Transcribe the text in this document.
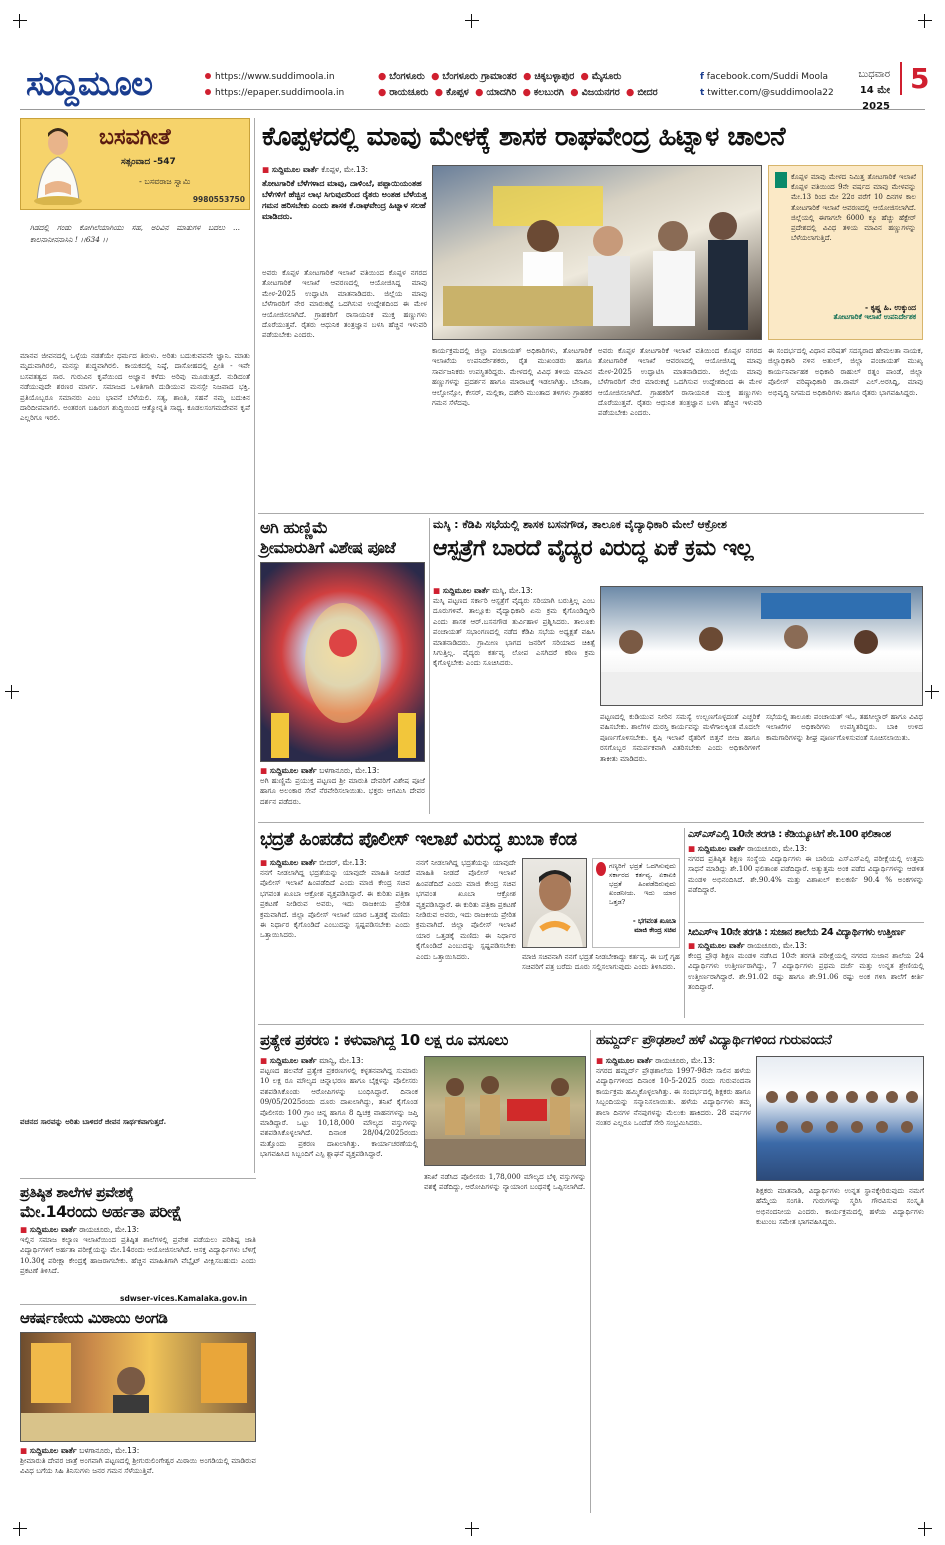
ಸುದ್ದಿಮೂಲ	https://www.suddimoola.in
https://epaper.suddimoola.in
● ಬೆಂಗಳೂರು ● ಬೆಂಗಳೂರು ಗ್ರಾಮಾಂತರ ● ಚಿಕ್ಕಬಳ್ಳಾಪುರ ● ಮೈಸೂರು
● ರಾಯಚೂರು ● ಕೊಪ್ಪಳ ● ಯಾದಗಿರಿ ● ಕಲಬುರಗಿ ● ವಿಜಯನಗರ ● ಬೀದರ
f facebook.com/Suddi Moola
t twitter.com/@suddimoola22
ಬುಧವಾರ
14 ಮೇ 2025
5
ಬಸವಗೀತೆ
ಸತ್ಸಂವಾದ -547
- ಬಸವರಾಜ ಸ್ವಾಮಿ
9980553750
ಗಿಡದಲ್ಲಿ ಗಂಡು ಕೋಗಿಲೆಯಾಗಿಯು ಸಹ, ಅರಿವಿನ ಮಾತುಗಳ ಬದಲು ... ಕಾಲನಾನೀನನಾಸಿನಿ ! ।।634 ।।
ಮಾನವ ಜೀವನದಲ್ಲಿ ಒಳ್ಳೆಯ ನಡತೆಯೇ ಧರ್ಮದ ತಿರುಳು. ಅರಿತು ಬದುಕುವವನೇ ಜ್ಞಾನಿ. ಮಾತು ಮೃದುವಾಗಿರಲಿ, ಮನಸ್ಸು ಶುದ್ಧವಾಗಿರಲಿ. ಕಾಯಕದಲ್ಲಿ ನಿಷ್ಠೆ, ದಾಸೋಹದಲ್ಲಿ ಪ್ರೀತಿ - ಇವೇ ಬಸವತತ್ವದ ಸಾರ. ಗುರುವಿನ ಕೃಪೆಯಿಂದ ಅಜ್ಞಾನ ಕಳೆದು ಅರಿವು ಮೂಡುತ್ತದೆ. ನುಡಿದಂತೆ ನಡೆಯುವುದೇ ಶರಣರ ಮಾರ್ಗ. ಸಮಾಜದ ಒಳಿತಿಗಾಗಿ ದುಡಿಯುವ ಮನಸ್ಸೇ ನಿಜವಾದ ಭಕ್ತಿ. ಪ್ರತಿಯೊಬ್ಬರೂ ಸಮಾನರು ಎಂಬ ಭಾವನೆ ಬೆಳೆಯಲಿ. ಸತ್ಯ, ಶಾಂತಿ, ಸಹನೆ ನಮ್ಮ ಬದುಕಿನ ದಾರಿದೀಪವಾಗಲಿ. ಅಂತರಂಗ ಬಹಿರಂಗ ಶುದ್ಧಿಯಿಂದ ಆತ್ಮೋನ್ನತಿ ಸಾಧ್ಯ. ಕೂಡಲಸಂಗಮದೇವನ ಕೃಪೆ ಎಲ್ಲರಿಗೂ ಇರಲಿ.
ವಚನದ ಸಾರವನ್ನು ಅರಿತು ಬಾಳಿದರೆ ಜೀವನ ಸಾರ್ಥಕವಾಗುತ್ತದೆ.
ಕೊಪ್ಪಳದಲ್ಲಿ ಮಾವು ಮೇಳಕ್ಕೆ ಶಾಸಕ ರಾಘವೇಂದ್ರ ಹಿಟ್ನಾಳ ಚಾಲನೆ
■ ಸುದ್ದಿಮೂಲ ವಾರ್ತೆ ಕೊಪ್ಪಳ, ಮೇ.13:
ತೋಟಗಾರಿಕೆ ಬೆಳೆಗಳಾದ ಮಾವು, ದಾಳಿಂಬೆ, ಪಪ್ಪಾಯಿಯಂತಹ ಬೆಳೆಗಳಿಗೆ ಹೆಚ್ಚಿನ ಲಾಭ ಸಿಗುವುದರಿಂದ ರೈತರು ಅಂತಹ ಬೆಳೆಯತ್ತ ಗಮನ ಹರಿಸಬೇಕು ಎಂದು ಶಾಸಕ ಕೆ.ರಾಘವೇಂದ್ರ ಹಿಟ್ನಾಳ ಸಲಹೆ ಮಾಡಿದರು.
ಅವರು ಕೊಪ್ಪಳ ತೋಟಗಾರಿಕೆ ಇಲಾಖೆ ವತಿಯಿಂದ ಕೊಪ್ಪಳ ನಗರದ ತೋಟಗಾರಿಕೆ ಇಲಾಖೆ ಆವರಣದಲ್ಲಿ ಆಯೋಜಿಸಿದ್ದ ಮಾವು ಮೇಳ-2025 ಉದ್ಘಾಟಿಸಿ ಮಾತನಾಡಿದರು. ಜಿಲ್ಲೆಯ ಮಾವು ಬೆಳೆಗಾರರಿಗೆ ನೇರ ಮಾರುಕಟ್ಟೆ ಒದಗಿಸುವ ಉದ್ದೇಶದಿಂದ ಈ ಮೇಳ ಆಯೋಜಿಸಲಾಗಿದೆ. ಗ್ರಾಹಕರಿಗೆ ರಾಸಾಯನಿಕ ಮುಕ್ತ ಹಣ್ಣುಗಳು ದೊರೆಯುತ್ತವೆ. ರೈತರು ಆಧುನಿಕ ತಂತ್ರಜ್ಞಾನ ಬಳಸಿ ಹೆಚ್ಚಿನ ಇಳುವರಿ ಪಡೆಯಬೇಕು ಎಂದರು.
ಕೊಪ್ಪಳ ಮಾವು ಮೇಳದ ನಿಮಿತ್ತ ತೋಟಗಾರಿಕೆ ಇಲಾಖೆ ಕೊಪ್ಪಳ ವತಿಯಿಂದ 9ನೇ ವರ್ಷದ ಮಾವು ಮೇಳವನ್ನು ಮೇ.13 ರಿಂದ ಮೇ 22ರ ವರೆಗೆ 10 ದಿನಗಳ ಕಾಲ ತೋಟಗಾರಿಕೆ ಇಲಾಖೆ ಆವರಣದಲ್ಲಿ ಆಯೋಜಿಸಲಾಗಿದೆ. ಜಿಲ್ಲೆಯಲ್ಲಿ ಈಗಾಗಲೇ 6000 ಕ್ಕೂ ಹೆಚ್ಚು ಹೆಕ್ಟೇರ್ ಪ್ರದೇಶದಲ್ಲಿ ವಿವಿಧ ತಳಿಯ ಮಾವಿನ ಹಣ್ಣುಗಳನ್ನು ಬೆಳೆಯಲಾಗುತ್ತಿದೆ.
- ಕೃಷ್ಣ ಹಿ. ಉಕ್ಕುಂದ
ತೋಟಗಾರಿಕೆ ಇಲಾಖೆ ಉಪನಿರ್ದೇಶಕ
ಕಾರ್ಯಕ್ರಮದಲ್ಲಿ ಜಿಲ್ಲಾ ಪಂಚಾಯತ್ ಅಧಿಕಾರಿಗಳು, ತೋಟಗಾರಿಕೆ ಇಲಾಖೆಯ ಉಪನಿರ್ದೇಶಕರು, ರೈತ ಮುಖಂಡರು ಹಾಗೂ ಸಾರ್ವಜನಿಕರು ಉಪಸ್ಥಿತರಿದ್ದರು. ಮೇಳದಲ್ಲಿ ವಿವಿಧ ತಳಿಯ ಮಾವಿನ ಹಣ್ಣುಗಳನ್ನು ಪ್ರದರ್ಶನ ಹಾಗೂ ಮಾರಾಟಕ್ಕೆ ಇಡಲಾಗಿತ್ತು. ಬೇನಿಶಾ, ಆಲ್ಫೋನ್ಸೋ, ಕೇಸರ್, ಮಲ್ಲಿಕಾ, ದಶೇರಿ ಮುಂತಾದ ತಳಿಗಳು ಗ್ರಾಹಕರ ಗಮನ ಸೆಳೆದವು.
ಅವರು ಕೊಪ್ಪಳ ತೋಟಗಾರಿಕೆ ಇಲಾಖೆ ವತಿಯಿಂದ ಕೊಪ್ಪಳ ನಗರದ ತೋಟಗಾರಿಕೆ ಇಲಾಖೆ ಆವರಣದಲ್ಲಿ ಆಯೋಜಿಸಿದ್ದ ಮಾವು ಮೇಳ-2025 ಉದ್ಘಾಟಿಸಿ ಮಾತನಾಡಿದರು. ಜಿಲ್ಲೆಯ ಮಾವು ಬೆಳೆಗಾರರಿಗೆ ನೇರ ಮಾರುಕಟ್ಟೆ ಒದಗಿಸುವ ಉದ್ದೇಶದಿಂದ ಈ ಮೇಳ ಆಯೋಜಿಸಲಾಗಿದೆ. ಗ್ರಾಹಕರಿಗೆ ರಾಸಾಯನಿಕ ಮುಕ್ತ ಹಣ್ಣುಗಳು ದೊರೆಯುತ್ತವೆ. ರೈತರು ಆಧುನಿಕ ತಂತ್ರಜ್ಞಾನ ಬಳಸಿ ಹೆಚ್ಚಿನ ಇಳುವರಿ ಪಡೆಯಬೇಕು ಎಂದರು.
ಈ ಸಂದರ್ಭದಲ್ಲಿ ವಿಧಾನ ಪರಿಷತ್ ಸದಸ್ಯರಾದ ಹೇಮಲತಾ ನಾಯಕ, ಜಿಲ್ಲಾಧಿಕಾರಿ ನಳಿನ ಅತುಲ್, ಜಿಲ್ಲಾ ಪಂಚಾಯತ್ ಮುಖ್ಯ ಕಾರ್ಯನಿರ್ವಾಹಕ ಅಧಿಕಾರಿ ರಾಹುಲ್ ರತ್ನಂ ಪಾಂಡೆ, ಜಿಲ್ಲಾ ಪೊಲೀಸ್ ವರಿಷ್ಠಾಧಿಕಾರಿ ಡಾ.ರಾಮ್ ಎಲ್.ಅರಸಿದ್ದಿ, ಮಾವು ಅಭಿವೃದ್ಧಿ ನಿಗಮದ ಅಧಿಕಾರಿಗಳು ಹಾಗೂ ರೈತರು ಭಾಗವಹಿಸಿದ್ದರು.
ಅಗಿ ಹುಣ್ಣಿಮೆ
ಶ್ರೀಮಾರುತಿಗೆ ವಿಶೇಷ ಪೂಜೆ
■ ಸುದ್ದಿಮೂಲ ವಾರ್ತೆ ಬಳಗಾನೂರು, ಮೇ.13:
ಅಗಿ ಹುಣ್ಣಿಮೆ ಪ್ರಯುಕ್ತ ಪಟ್ಟಣದ ಶ್ರೀ ಮಾರುತಿ ದೇವರಿಗೆ ವಿಶೇಷ ಪೂಜೆ ಹಾಗೂ ಅಲಂಕಾರ ಸೇವೆ ನೆರವೇರಿಸಲಾಯಿತು. ಭಕ್ತರು ಆಗಮಿಸಿ ದೇವರ ದರ್ಶನ ಪಡೆದರು.
ಮಸ್ಕಿ : ಕೆಡಿಪಿ ಸಭೆಯಲ್ಲಿ ಶಾಸಕ ಬಸನಗೌಡ, ತಾಲೂಕ ವೈದ್ಯಾಧಿಕಾರಿ ಮೇಲೆ ಆಕ್ರೋಶ
ಆಸ್ಪತ್ರೆಗೆ ಬಾರದೆ ವೈದ್ಯರ ವಿರುದ್ಧ ಏಕೆ ಕ್ರಮ ಇಲ್ಲ
■ ಸುದ್ದಿಮೂಲ ವಾರ್ತೆ ಮಸ್ಕಿ, ಮೇ.13:
ಮಸ್ಕಿ ಪಟ್ಟಣದ ಸರ್ಕಾರಿ ಆಸ್ಪತ್ರೆಗೆ ವೈದ್ಯರು ಸರಿಯಾಗಿ ಬರುತ್ತಿಲ್ಲ ಎಂಬ ದೂರುಗಳಿವೆ. ತಾಲ್ಲೂಕು ವೈದ್ಯಾಧಿಕಾರಿ ಏನು ಕ್ರಮ ಕೈಗೊಂಡಿದ್ದೀರಿ ಎಂದು ಶಾಸಕ ಆರ್.ಬಸನಗೌಡ ತುರ್ವಿಹಾಳ ಪ್ರಶ್ನಿಸಿದರು. ತಾಲೂಕು ಪಂಚಾಯತ್ ಸಭಾಂಗಣದಲ್ಲಿ ನಡೆದ ಕೆಡಿಪಿ ಸಭೆಯ ಅಧ್ಯಕ್ಷತೆ ವಹಿಸಿ ಮಾತನಾಡಿದರು. ಗ್ರಾಮೀಣ ಭಾಗದ ಜನರಿಗೆ ಸರಿಯಾದ ಚಿಕಿತ್ಸೆ ಸಿಗುತ್ತಿಲ್ಲ. ವೈದ್ಯರು ಕರ್ತವ್ಯ ಲೋಪ ಎಸಗಿದರೆ ಕಠಿಣ ಕ್ರಮ ಕೈಗೊಳ್ಳಬೇಕು ಎಂದು ಸೂಚಿಸಿದರು.
ಪಟ್ಟಣದಲ್ಲಿ ಕುಡಿಯುವ ನೀರಿನ ಸಮಸ್ಯೆ ಉಲ್ಬಣಗೊಳ್ಳದಂತೆ ಎಚ್ಚರಿಕೆ ವಹಿಸಬೇಕು. ಶಾಲೆಗಳ ದುರಸ್ತಿ ಕಾರ್ಯವನ್ನು ಮಳೆಗಾಲಕ್ಕಿಂತ ಮೊದಲೇ ಪೂರ್ಣಗೊಳಿಸಬೇಕು. ಕೃಷಿ ಇಲಾಖೆ ರೈತರಿಗೆ ಬಿತ್ತನೆ ಬೀಜ ಹಾಗೂ ರಸಗೊಬ್ಬರ ಸಮರ್ಪಕವಾಗಿ ವಿತರಿಸಬೇಕು ಎಂದು ಅಧಿಕಾರಿಗಳಿಗೆ ತಾಕೀತು ಮಾಡಿದರು.
ಸಭೆಯಲ್ಲಿ ತಾಲೂಕು ಪಂಚಾಯತ್ ಇಓ, ತಹಸೀಲ್ದಾರ್ ಹಾಗೂ ವಿವಿಧ ಇಲಾಖೆಗಳ ಅಧಿಕಾರಿಗಳು ಉಪಸ್ಥಿತರಿದ್ದರು. ಬಾಕಿ ಉಳಿದ ಕಾಮಗಾರಿಗಳನ್ನು ಶೀಘ್ರ ಪೂರ್ಣಗೊಳಿಸುವಂತೆ ಸೂಚಿಸಲಾಯಿತು.
ಭದ್ರತೆ ಹಿಂಪಡೆದ ಪೊಲೀಸ್ ಇಲಾಖೆ ವಿರುದ್ಧ ಖುಬಾ ಕೆಂಡ
■ ಸುದ್ದಿಮೂಲ ವಾರ್ತೆ ಬೀದರ್, ಮೇ.13:
ನನಗೆ ನೀಡಲಾಗಿದ್ದ ಭದ್ರತೆಯನ್ನು ಯಾವುದೇ ಮಾಹಿತಿ ನೀಡದೆ ಪೊಲೀಸ್ ಇಲಾಖೆ ಹಿಂಪಡೆದಿದೆ ಎಂದು ಮಾಜಿ ಕೇಂದ್ರ ಸಚಿವ ಭಗವಂತ ಖೂಬಾ ಆಕ್ರೋಶ ವ್ಯಕ್ತಪಡಿಸಿದ್ದಾರೆ. ಈ ಕುರಿತು ಪತ್ರಿಕಾ ಪ್ರಕಟಣೆ ನೀಡಿರುವ ಅವರು, ಇದು ರಾಜಕೀಯ ಪ್ರೇರಿತ ಕ್ರಮವಾಗಿದೆ. ಜಿಲ್ಲಾ ಪೊಲೀಸ್ ಇಲಾಖೆ ಯಾರ ಒತ್ತಡಕ್ಕೆ ಮಣಿದು ಈ ನಿರ್ಧಾರ ಕೈಗೊಂಡಿದೆ ಎಂಬುದನ್ನು ಸ್ಪಷ್ಟಪಡಿಸಬೇಕು ಎಂದು ಒತ್ತಾಯಿಸಿದರು.
ನನಗೆ ನೀಡಲಾಗಿದ್ದ ಭದ್ರತೆಯನ್ನು ಯಾವುದೇ ಮಾಹಿತಿ ನೀಡದೆ ಪೊಲೀಸ್ ಇಲಾಖೆ ಹಿಂಪಡೆದಿದೆ ಎಂದು ಮಾಜಿ ಕೇಂದ್ರ ಸಚಿವ ಭಗವಂತ ಖೂಬಾ ಆಕ್ರೋಶ ವ್ಯಕ್ತಪಡಿಸಿದ್ದಾರೆ. ಈ ಕುರಿತು ಪತ್ರಿಕಾ ಪ್ರಕಟಣೆ ನೀಡಿರುವ ಅವರು, ಇದು ರಾಜಕೀಯ ಪ್ರೇರಿತ ಕ್ರಮವಾಗಿದೆ. ಜಿಲ್ಲಾ ಪೊಲೀಸ್ ಇಲಾಖೆ ಯಾರ ಒತ್ತಡಕ್ಕೆ ಮಣಿದು ಈ ನಿರ್ಧಾರ ಕೈಗೊಂಡಿದೆ ಎಂಬುದನ್ನು ಸ್ಪಷ್ಟಪಡಿಸಬೇಕು ಎಂದು ಒತ್ತಾಯಿಸಿದರು.
ಗಣ್ಯರಿಗೆ ಭದ್ರತೆ ಒದಗಿಸುವುದು ಸರ್ಕಾರದ ಕರ್ತವ್ಯ. ಏಕಾಏಕಿ ಭದ್ರತೆ ಹಿಂಪಡೆದಿರುವುದು ಖಂಡನೀಯ. ಇದು ಯಾರ ಒತ್ತಡ?
- ಭಗವಂತ ಖೂಬಾ
ಮಾಜಿ ಕೇಂದ್ರ ಸಚಿವ
ಮಾಜಿ ಸಚಿವನಾಗಿ ನನಗೆ ಭದ್ರತೆ ನೀಡಬೇಕಾದ್ದು ಕರ್ತವ್ಯ. ಈ ಬಗ್ಗೆ ಗೃಹ ಸಚಿವರಿಗೆ ಪತ್ರ ಬರೆದು ದೂರು ಸಲ್ಲಿಸಲಾಗುವುದು ಎಂದು ತಿಳಿಸಿದರು.
ಎಸ್ಎಸ್ಎಲ್ಸಿ 10ನೇ ತರಗತಿ : ಕೆಡಿಯ್ಯೂಟಿಗೆ ಶೇ.100 ಫಲಿತಾಂಶ
■ ಸುದ್ದಿಮೂಲ ವಾರ್ತೆ ರಾಯಚೂರು, ಮೇ.13:
ನಗರದ ಪ್ರತಿಷ್ಠಿತ ಶಿಕ್ಷಣ ಸಂಸ್ಥೆಯ ವಿದ್ಯಾರ್ಥಿಗಳು ಈ ಬಾರಿಯ ಎಸ್ಎಸ್ಎಲ್ಸಿ ಪರೀಕ್ಷೆಯಲ್ಲಿ ಉತ್ತಮ ಸಾಧನೆ ಮಾಡಿದ್ದು ಶೇ.100 ಫಲಿತಾಂಶ ಪಡೆದಿದ್ದಾರೆ. ಅತ್ಯುತ್ತಮ ಅಂಕ ಪಡೆದ ವಿದ್ಯಾರ್ಥಿಗಳನ್ನು ಆಡಳಿತ ಮಂಡಳಿ ಅಭಿನಂದಿಸಿದೆ. ಶೇ.90.4% ಮತ್ತು ವಿಶಾಖಲ್ ಕುಲಕರ್ಣಿ 90.4 % ಅಂಕಗಳನ್ನು ಪಡೆದಿದ್ದಾರೆ.
ಸಿಬಿಎಸ್ಇ 10ನೇ ತರಗತಿ : ಸುಜಾನ ಶಾಲೆಯ 24 ವಿದ್ಯಾರ್ಥಿಗಳು ಉತ್ತೀರ್ಣ
■ ಸುದ್ದಿಮೂಲ ವಾರ್ತೆ ರಾಯಚೂರು, ಮೇ.13:
ಕೇಂದ್ರ ಪ್ರೌಢ ಶಿಕ್ಷಣ ಮಂಡಳಿ ನಡೆಸಿದ 10ನೇ ತರಗತಿ ಪರೀಕ್ಷೆಯಲ್ಲಿ ನಗರದ ಸುಜಾನ ಶಾಲೆಯ 24 ವಿದ್ಯಾರ್ಥಿಗಳು ಉತ್ತೀರ್ಣರಾಗಿದ್ದು, 7 ವಿದ್ಯಾರ್ಥಿಗಳು ಪ್ರಥಮ ದರ್ಜೆ ಮತ್ತು ಉನ್ನತ ಶ್ರೇಣಿಯಲ್ಲಿ ಉತ್ತೀರ್ಣರಾಗಿದ್ದಾರೆ. ಶೇ.91.02 ರಷ್ಟು ಹಾಗೂ ಶೇ.91.06 ರಷ್ಟು ಅಂಕ ಗಳಿಸಿ ಶಾಲೆಗೆ ಕೀರ್ತಿ ತಂದಿದ್ದಾರೆ.
ಪ್ರತಿಷ್ಠಿತ ಶಾಲೆಗಳ ಪ್ರವೇಶಕ್ಕೆ
ಮೇ.14ರಂದು ಅರ್ಹತಾ ಪರೀಕ್ಷೆ
■ ಸುದ್ದಿಮೂಲ ವಾರ್ತೆ ರಾಯಚೂರು, ಮೇ.13:
ಇಲ್ಲಿನ ಸಮಾಜ ಕಲ್ಯಾಣ ಇಲಾಖೆಯಿಂದ ಪ್ರತಿಷ್ಠಿತ ಶಾಲೆಗಳಲ್ಲಿ ಪ್ರವೇಶ ಪಡೆಯಲು ಪರಿಶಿಷ್ಟ ಜಾತಿ ವಿದ್ಯಾರ್ಥಿಗಳಿಗೆ ಅರ್ಹತಾ ಪರೀಕ್ಷೆಯನ್ನು ಮೇ.14ರಂದು ಆಯೋಜಿಸಲಾಗಿದೆ. ಆಸಕ್ತ ವಿದ್ಯಾರ್ಥಿಗಳು ಬೆಳಿಗ್ಗೆ 10.30ಕ್ಕೆ ಪರೀಕ್ಷಾ ಕೇಂದ್ರಕ್ಕೆ ಹಾಜರಾಗಬೇಕು. ಹೆಚ್ಚಿನ ಮಾಹಿತಿಗಾಗಿ ವೆಬ್ಸೈಟ್ ವೀಕ್ಷಿಸಬಹುದು ಎಂದು ಪ್ರಕಟಣೆ ತಿಳಿಸಿದೆ.
sdwser-vices.Kamalaka.gov.in
ಆಕರ್ಷಣೀಯ ಮಿಠಾಯಿ ಅಂಗಡಿ
■ ಸುದ್ದಿಮೂಲ ವಾರ್ತೆ ಬಳಗಾನೂರು, ಮೇ.13:
ಶ್ರೀಮಾರುತಿ ದೇವರ ಜಾತ್ರೆ ಅಂಗವಾಗಿ ಪಟ್ಟಣದಲ್ಲಿ ಶ್ರೀಗುರುಲಿಂಗೇಶ್ವರ ಮಿಠಾಯಿ ಅಂಗಡಿಯಲ್ಲಿ ಮಾಡಿರುವ ವಿವಿಧ ಬಗೆಯ ಸಿಹಿ ತಿನಿಸುಗಳು ಜನರ ಗಮನ ಸೆಳೆಯುತ್ತಿವೆ.
ಪ್ರತ್ಯೇಕ ಪ್ರಕರಣ : ಕಳುವಾಗಿದ್ದ 10 ಲಕ್ಷ ರೂ ವಸೂಲು
■ ಸುದ್ದಿಮೂಲ ವಾರ್ತೆ ಮಾನ್ವಿ, ಮೇ.13:
ಪಟ್ಟಣದ ಹಲವೆಡೆ ಪ್ರತ್ಯೇಕ ಪ್ರಕರಣಗಳಲ್ಲಿ ಕಳ್ಳತನವಾಗಿದ್ದ ಸುಮಾರು 10 ಲಕ್ಷ ರೂ ಮೌಲ್ಯದ ಚಿನ್ನಾಭರಣ ಹಾಗೂ ಬೈಕ್ಗಳನ್ನು ಪೊಲೀಸರು ವಶಪಡಿಸಿಕೊಂಡು ಆರೋಪಿಗಳನ್ನು ಬಂಧಿಸಿದ್ದಾರೆ. ದಿನಾಂಕ 09/05/2025ರಂದು ದೂರು ದಾಖಲಾಗಿದ್ದು, ತನಿಖೆ ಕೈಗೊಂಡ ಪೊಲೀಸರು 100 ಗ್ರಾಂ ಚಿನ್ನ ಹಾಗೂ 8 ದ್ವಿಚಕ್ರ ವಾಹನಗಳನ್ನು ಜಪ್ತಿ ಮಾಡಿದ್ದಾರೆ. ಒಟ್ಟು 10,18,000 ಮೌಲ್ಯದ ವಸ್ತುಗಳನ್ನು ವಶಪಡಿಸಿಕೊಳ್ಳಲಾಗಿದೆ. ದಿನಾಂಕ 28/04/2025ರಂದು ಮತ್ತೊಂದು ಪ್ರಕರಣ ದಾಖಲಾಗಿತ್ತು. ಕಾರ್ಯಾಚರಣೆಯಲ್ಲಿ ಭಾಗವಹಿಸಿದ ಸಿಬ್ಬಂದಿಗೆ ಎಸ್ಪಿ ಶ್ಲಾಘನೆ ವ್ಯಕ್ತಪಡಿಸಿದ್ದಾರೆ.
ತನಿಖೆ ನಡೆಸಿದ ಪೊಲೀಸರು 1,78,000 ಮೌಲ್ಯದ ಬೆಳ್ಳಿ ವಸ್ತುಗಳನ್ನು ವಶಕ್ಕೆ ಪಡೆದಿದ್ದು, ಆರೋಪಿಗಳನ್ನು ನ್ಯಾಯಾಂಗ ಬಂಧನಕ್ಕೆ ಒಪ್ಪಿಸಲಾಗಿದೆ.
ಹಮ್ದರ್ದ್ ಪ್ರೌಢಶಾಲೆ ಹಳೆ ವಿದ್ಯಾರ್ಥಿಗಳಿಂದ ಗುರುವಂದನೆ
■ ಸುದ್ದಿಮೂಲ ವಾರ್ತೆ ರಾಯಚೂರು, ಮೇ.13:
ನಗರದ ಹಮ್ದರ್ದ್ ಪ್ರೌಢಶಾಲೆಯ 1997-98ನೇ ಸಾಲಿನ ಹಳೆಯ ವಿದ್ಯಾರ್ಥಿಗಳಿಂದ ದಿನಾಂಕ 10-5-2025 ರಂದು ಗುರುವಂದನಾ ಕಾರ್ಯಕ್ರಮ ಹಮ್ಮಿಕೊಳ್ಳಲಾಗಿತ್ತು. ಈ ಸಂದರ್ಭದಲ್ಲಿ ಶಿಕ್ಷಕರು ಹಾಗೂ ಸಿಬ್ಬಂದಿಯನ್ನು ಸನ್ಮಾನಿಸಲಾಯಿತು. ಹಳೆಯ ವಿದ್ಯಾರ್ಥಿಗಳು ತಮ್ಮ ಶಾಲಾ ದಿನಗಳ ನೆನಪುಗಳನ್ನು ಮೆಲುಕು ಹಾಕಿದರು. 28 ವರ್ಷಗಳ ನಂತರ ಎಲ್ಲರೂ ಒಂದೆಡೆ ಸೇರಿ ಸಂಭ್ರಮಿಸಿದರು.
ಶಿಕ್ಷಕರು ಮಾತನಾಡಿ, ವಿದ್ಯಾರ್ಥಿಗಳು ಉನ್ನತ ಸ್ಥಾನಕ್ಕೇರಿರುವುದು ನಮಗೆ ಹೆಮ್ಮೆಯ ಸಂಗತಿ. ಗುರುಗಳನ್ನು ಸ್ಮರಿಸಿ ಗೌರವಿಸುವ ಸಂಸ್ಕೃತಿ ಅಭಿನಂದನೀಯ ಎಂದರು. ಕಾರ್ಯಕ್ರಮದಲ್ಲಿ ಹಳೆಯ ವಿದ್ಯಾರ್ಥಿಗಳು ಕುಟುಂಬ ಸಮೇತ ಭಾಗವಹಿಸಿದ್ದರು.
